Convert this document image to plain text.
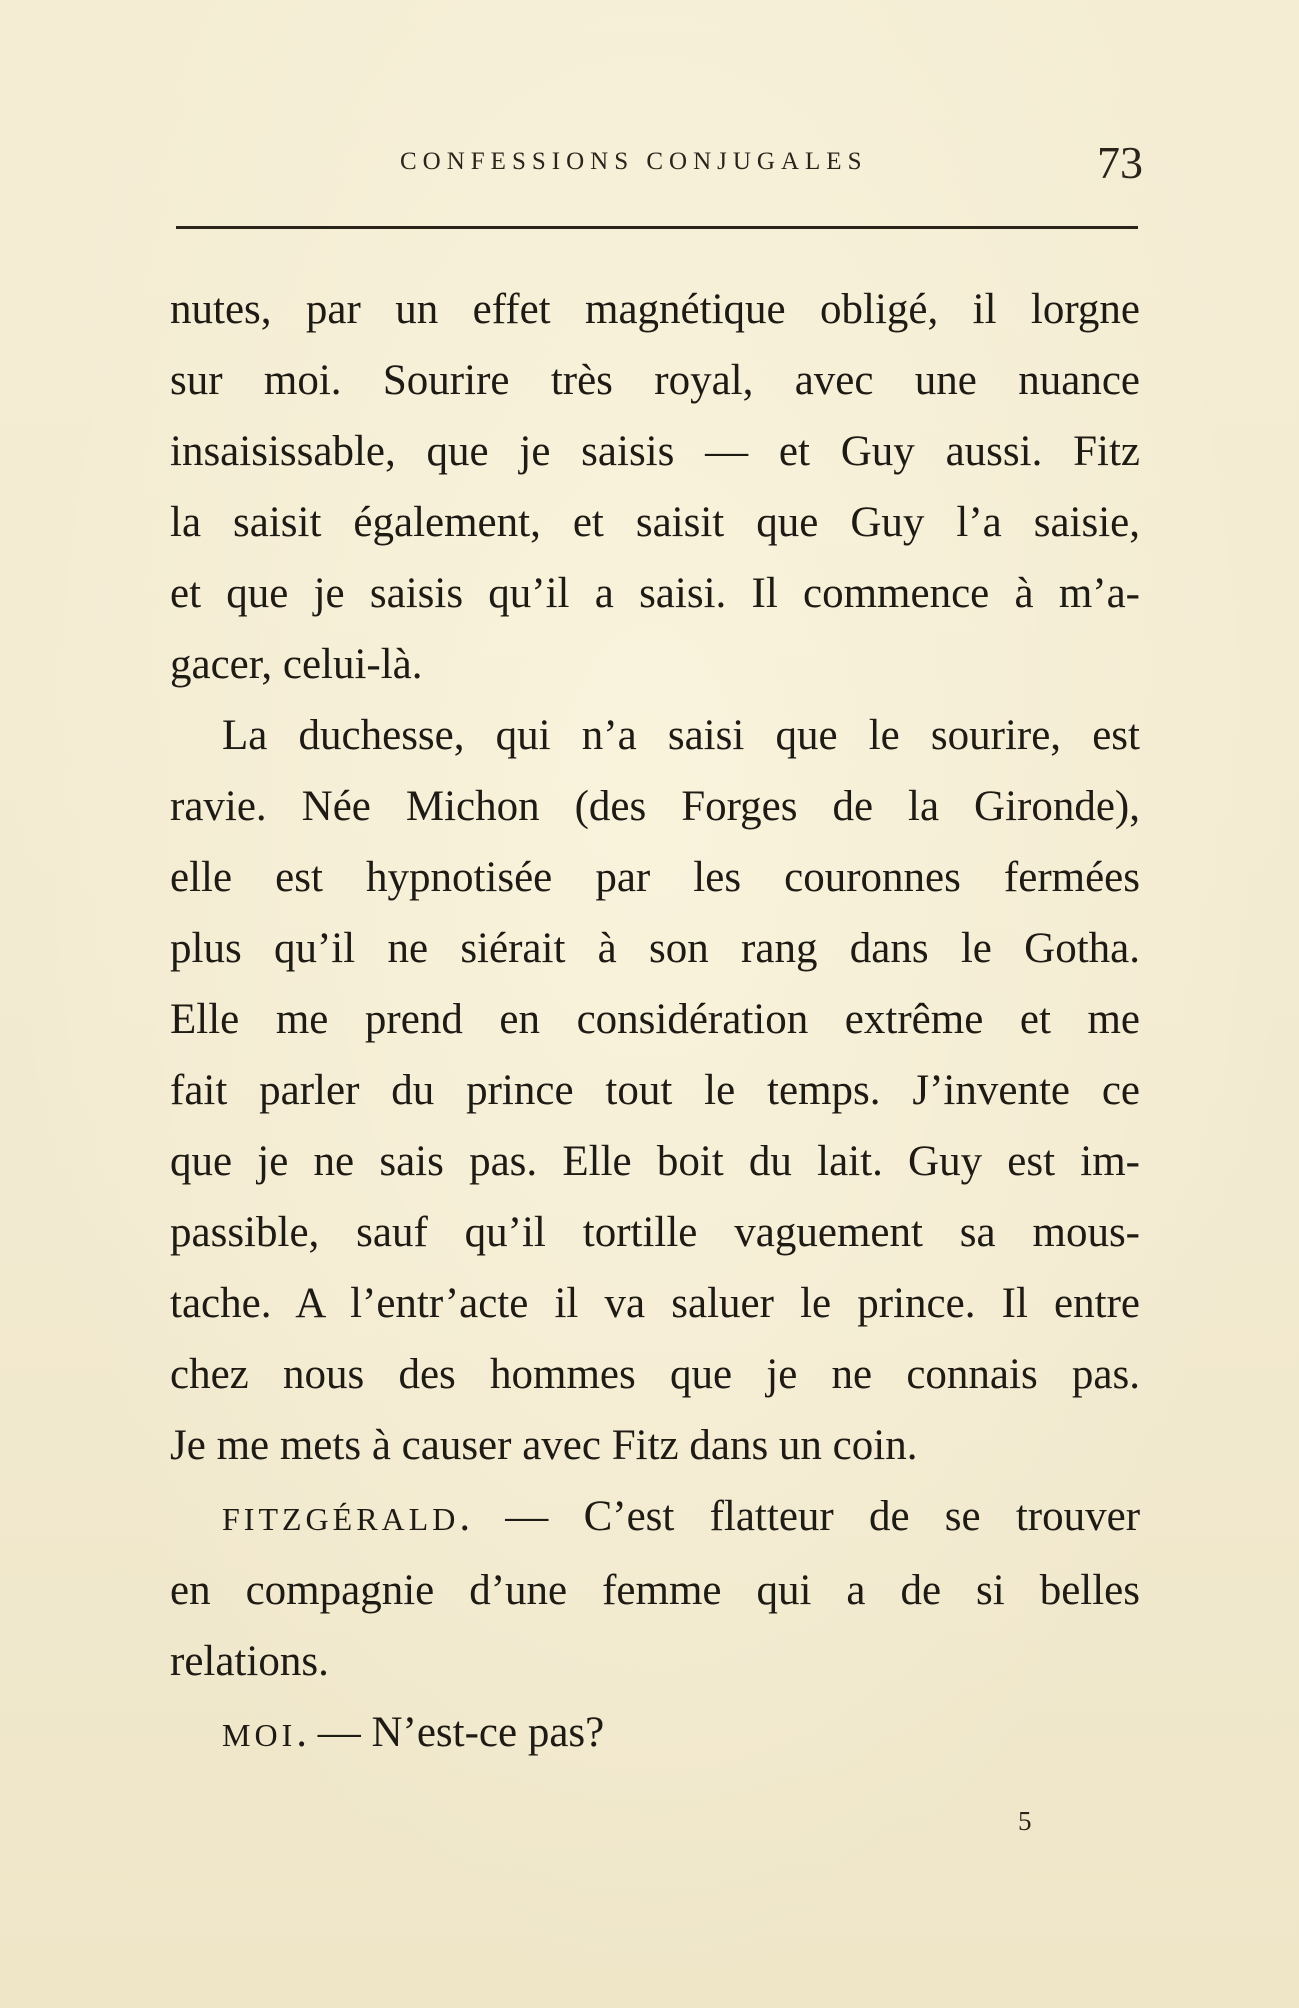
CONFESSIONS CONJUGALES	73
nutes, par un effet magnétique obligé, il lorgne
sur moi. Sourire très royal, avec une nuance
insaisissable, que je saisis — et Guy aussi. Fitz
la saisit également, et saisit que Guy l’a saisie,
et que je saisis qu’il a saisi. Il commence à m’a-
gacer, celui-là.
La duchesse, qui n’a saisi que le sourire, est
ravie. Née Michon (des Forges de la Gironde),
elle est hypnotisée par les couronnes fermées
plus qu’il ne siérait à son rang dans le Gotha.
Elle me prend en considération extrême et me
fait parler du prince tout le temps. J’invente ce
que je ne sais pas. Elle boit du lait. Guy est im-
passible, sauf qu’il tortille vaguement sa mous-
tache. A l’entr’acte il va saluer le prince. Il entre
chez nous des hommes que je ne connais pas.
Je me mets à causer avec Fitz dans un coin.
FITZGÉRALD. — C’est flatteur de se trouver
en compagnie d’une femme qui a de si belles
relations.
MOI. — N’est-ce pas?
5
